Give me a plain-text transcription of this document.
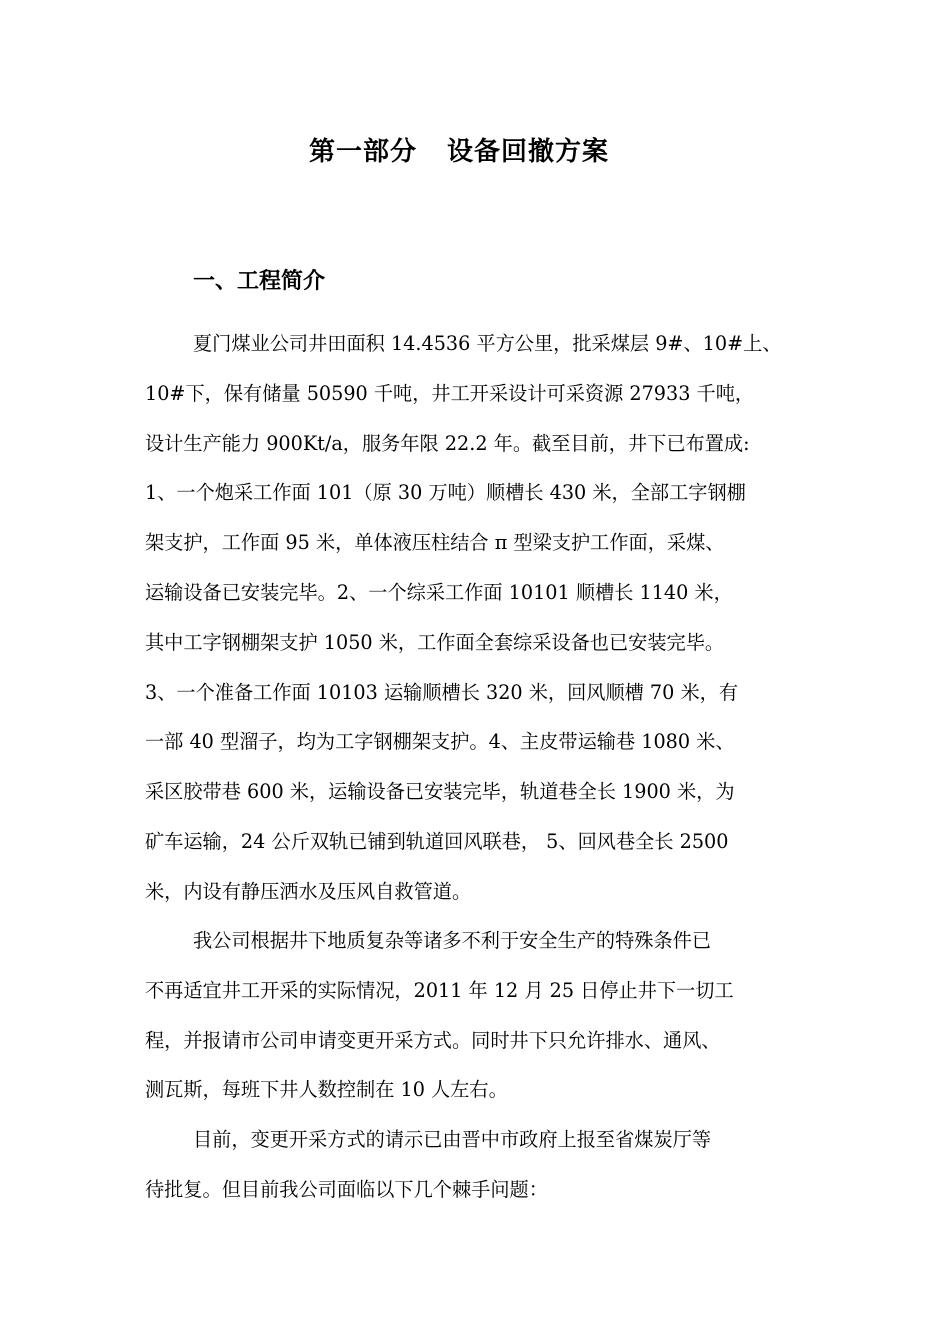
第一部分 设备回撤方案
一、工程简介
夏门煤业公司井田面积 14.4536 平方公里，批采煤层 9#、10#上、
10#下，保有储量 50590 千吨，井工开采设计可采资源 27933 千吨，
设计生产能力 900Kt/a，服务年限 22.2 年。截至目前，井下已布置成:
1、一个炮采工作面 101（原 30 万吨）顺槽长 430 米，全部工字钢棚
架支护，工作面 95 米，单体液压柱结合 π 型梁支护工作面，采煤、
运输设备已安装完毕。2、一个综采工作面 10101 顺槽长 1140 米，
其中工字钢棚架支护 1050 米，工作面全套综采设备也已安装完毕。
3、一个准备工作面 10103 运输顺槽长 320 米，回风顺槽 70 米，有
一部 40 型溜子，均为工字钢棚架支护。4、主皮带运输巷 1080 米、
采区胶带巷 600 米，运输设备已安装完毕，轨道巷全长 1900 米，为
矿车运输，24 公斤双轨已铺到轨道回风联巷， 5、回风巷全长 2500
米，内设有静压洒水及压风自救管道。
我公司根据井下地质复杂等诸多不利于安全生产的特殊条件已
不再适宜井工开采的实际情况，2011 年 12 月 25 日停止井下一切工
程，并报请市公司申请变更开采方式。同时井下只允许排水、通风、
测瓦斯，每班下井人数控制在 10 人左右。
目前，变更开采方式的请示已由晋中市政府上报至省煤炭厅等
待批复。但目前我公司面临以下几个棘手问题：
